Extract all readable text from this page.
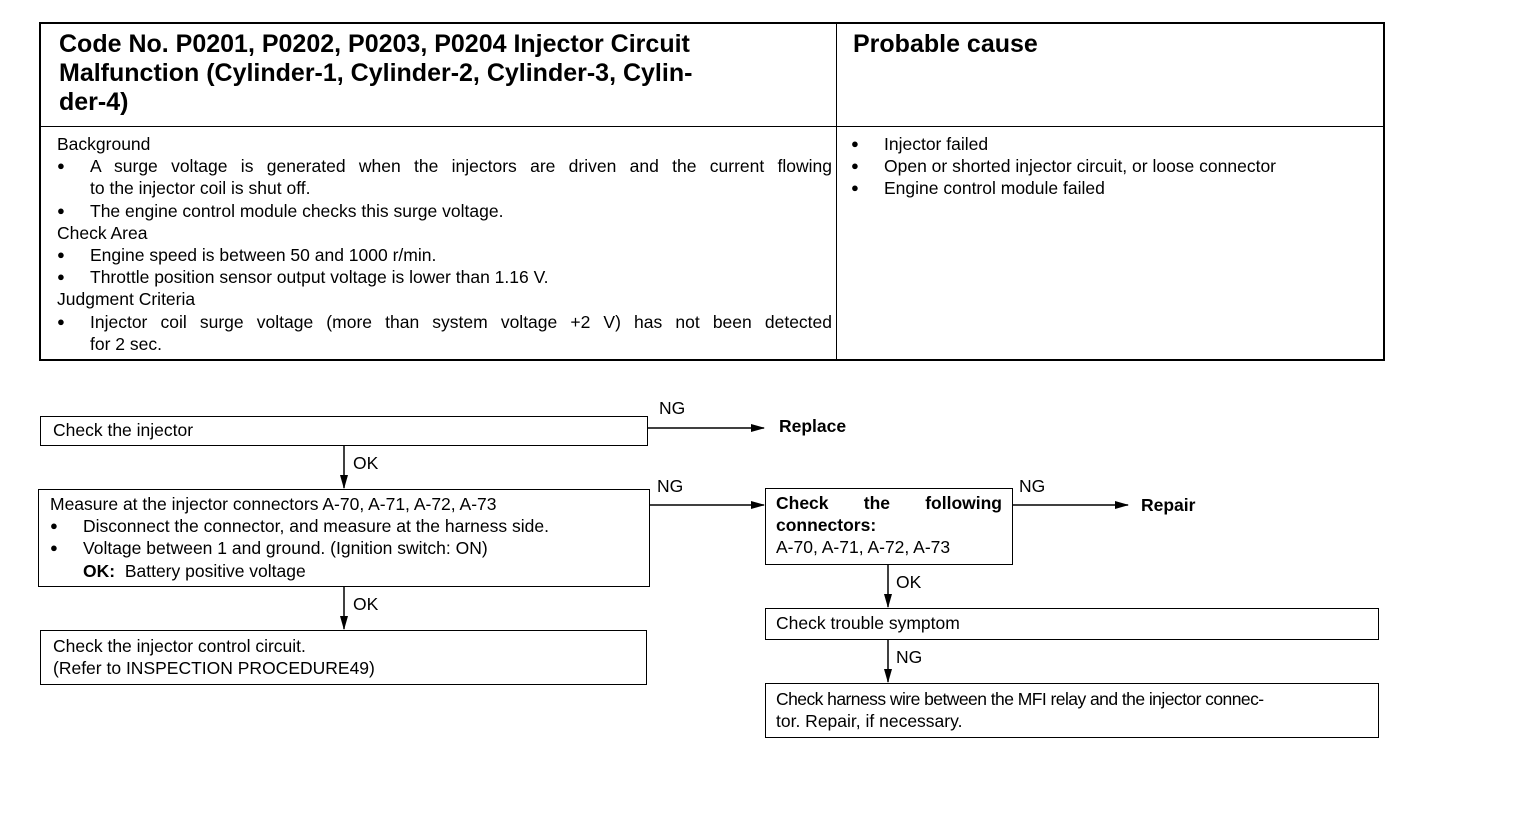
Code No. P0201, P0202, P0203, P0204 Injector Circuit
Malfunction (Cylinder-1, Cylinder-2, Cylinder-3, Cylin-
der-4)
Probable cause
Background
● A surge voltage is generated when the injectors are driven and the current flowing
to the injector coil is shut off.
● The engine control module checks this surge voltage.
Check Area
● Engine speed is between 50 and 1000 r/min.
● Throttle position sensor output voltage is lower than 1.16 V.
Judgment Criteria
● Injector coil surge voltage (more than system voltage +2 V) has not been detected
for 2 sec.
● Injector failed
● Open or shorted injector circuit, or loose connector
● Engine control module failed
Check the injector
NG
Replace
OK
Measure at the injector connectors A-70, A-71, A-72, A-73
● Disconnect the connector, and measure at the harness side.
● Voltage between 1 and ground. (Ignition switch: ON)
OK: Battery positive voltage
NG
OK
Check the injector control circuit.
(Refer to INSPECTION PROCEDURE49)
Check the following
connectors:
A-70, A-71, A-72, A-73
NG
Repair
OK
Check trouble symptom
NG
Check harness wire between the MFI relay and the injector connec-
tor. Repair, if necessary.
